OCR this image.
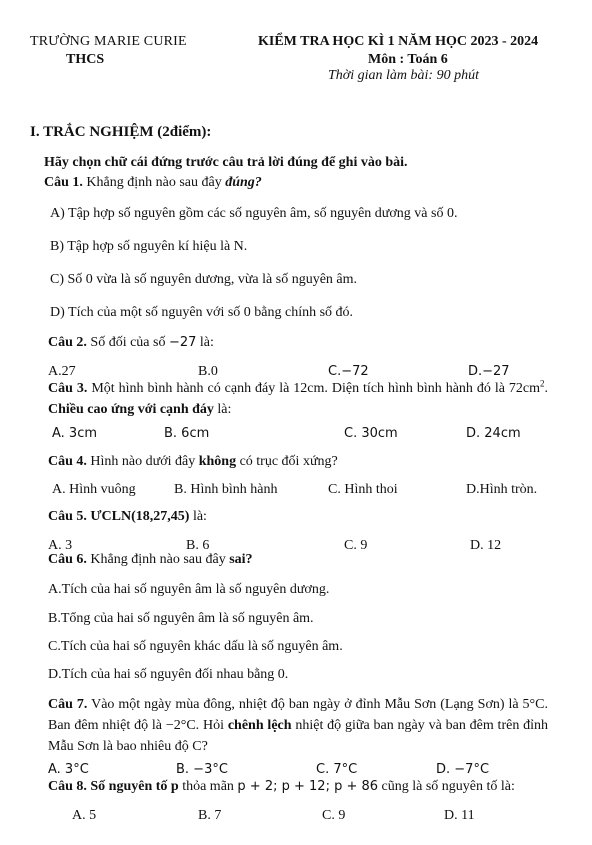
TRƯỜNG MARIE CURIE
THCS
KIỂM TRA HỌC KÌ 1 NĂM HỌC 2023 - 2024
Môn : Toán 6
Thời gian làm bài: 90 phút
I. TRẮC NGHIỆM (2điểm):
Hãy chọn chữ cái đứng trước câu trả lời đúng để ghi vào bài.
Câu 1. Khẳng định nào sau đây đúng?
A) Tập hợp số nguyên gồm các số nguyên âm, số nguyên dương và số 0.
B) Tập hợp số nguyên kí hiệu là N.
C) Số 0 vừa là số nguyên dương, vừa là số nguyên âm.
D) Tích của một số nguyên với số 0 bằng chính số đó.
Câu 2. Số đối của số −27 là:
A.27	B.0	C.−72	D.−27
Câu 3. Một hình bình hành có cạnh đáy là 12cm. Diện tích hình bình hành đó là $72cm^2$. Chiều cao ứng với cạnh đáy là:
A. 3cm	B. 6cm	C. 30cm	D. 24cm
Câu 4. Hình nào dưới đây không có trục đối xứng?
A. Hình vuông	B. Hình bình hành	C. Hình thoi	D.Hình tròn.
Câu 5. ƯCLN(18,27,45) là:
A. 3	B. 6	C. 9	D. 12
Câu 6. Khẳng định nào sau đây sai?
A.Tích của hai số nguyên âm là số nguyên dương.
B.Tổng của hai số nguyên âm là số nguyên âm.
C.Tích của hai số nguyên khác dấu là số nguyên âm.
D.Tích của hai số nguyên đối nhau bằng 0.
Câu 7. Vào một ngày mùa đông, nhiệt độ ban ngày ở đỉnh Mẫu Sơn (Lạng Sơn) là 5°C. Ban đêm nhiệt độ là −2°C. Hỏi chênh lệch nhiệt độ giữa ban ngày và ban đêm trên đỉnh Mẫu Sơn là bao nhiêu độ C?
A. 3°C	B. −3°C	C. 7°C	D. −7°C
Câu 8. Số nguyên tố p thỏa mãn p + 2; p + 12; p + 86 cũng là số nguyên tố là:
A. 5	B. 7	C. 9	D. 11
